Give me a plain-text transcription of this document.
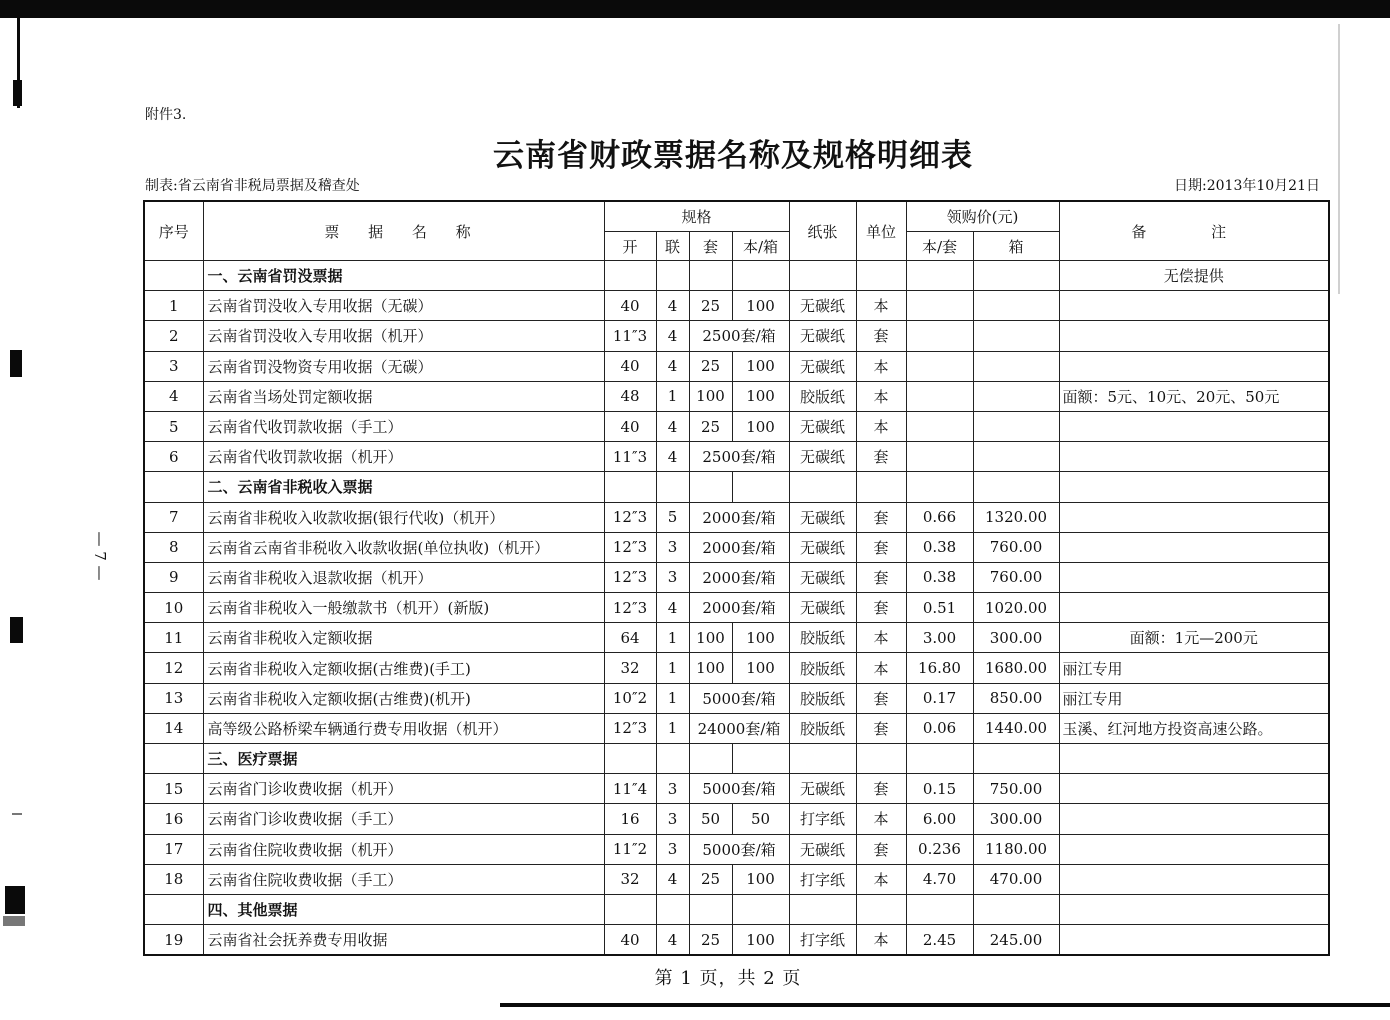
附件3.
云南省财政票据名称及规格明细表
制表:省云南省非税局票据及稽查处	日期:2013年10月21日
— 7 —
序号	票 据 名 称	规格				纸张	单位	领购价(元)		备 注
		开	联	套	本/箱			本/套	箱	
	一、云南省罚没票据									无偿提供
1	云南省罚没收入专用收据（无碳）	40	4	25	100	无碳纸	本			
2	云南省罚没收入专用收据（机开）	11″3	4	2500套/箱		无碳纸	套			
3	云南省罚没物资专用收据（无碳）	40	4	25	100	无碳纸	本			
4	云南省当场处罚定额收据	48	1	100	100	胶版纸	本			面额：5元、10元、20元、50元
5	云南省代收罚款收据（手工）	40	4	25	100	无碳纸	本			
6	云南省代收罚款收据（机开）	11″3	4	2500套/箱		无碳纸	套			
	二、云南省非税收入票据									
7	云南省非税收入收款收据(银行代收)（机开）	12″3	5	2000套/箱		无碳纸	套	0.66	1320.00	
8	云南省云南省非税收入收款收据(单位执收)（机开）	12″3	3	2000套/箱		无碳纸	套	0.38	760.00	
9	云南省非税收入退款收据（机开）	12″3	3	2000套/箱		无碳纸	套	0.38	760.00	
10	云南省非税收入一般缴款书（机开）(新版)	12″3	4	2000套/箱		无碳纸	套	0.51	1020.00	
11	云南省非税收入定额收据	64	1	100	100	胶版纸	本	3.00	300.00	面额：1元—200元
12	云南省非税收入定额收据(古维费)(手工)	32	1	100	100	胶版纸	本	16.80	1680.00	丽江专用
13	云南省非税收入定额收据(古维费)(机开)	10″2	1	5000套/箱		胶版纸	套	0.17	850.00	丽江专用
14	高等级公路桥梁车辆通行费专用收据（机开）	12″3	1	24000套/箱		胶版纸	套	0.06	1440.00	玉溪、红河地方投资高速公路。
	三、医疗票据									
15	云南省门诊收费收据（机开）	11″4	3	5000套/箱		无碳纸	套	0.15	750.00	
16	云南省门诊收费收据（手工）	16	3	50	50	打字纸	本	6.00	300.00	
17	云南省住院收费收据（机开）	11″2	3	5000套/箱		无碳纸	套	0.236	1180.00	
18	云南省住院收费收据（手工）	32	4	25	100	打字纸	本	4.70	470.00	
	四、其他票据									
19	云南省社会抚养费专用收据	40	4	25	100	打字纸	本	2.45	245.00	
第 1 页，共 2 页
